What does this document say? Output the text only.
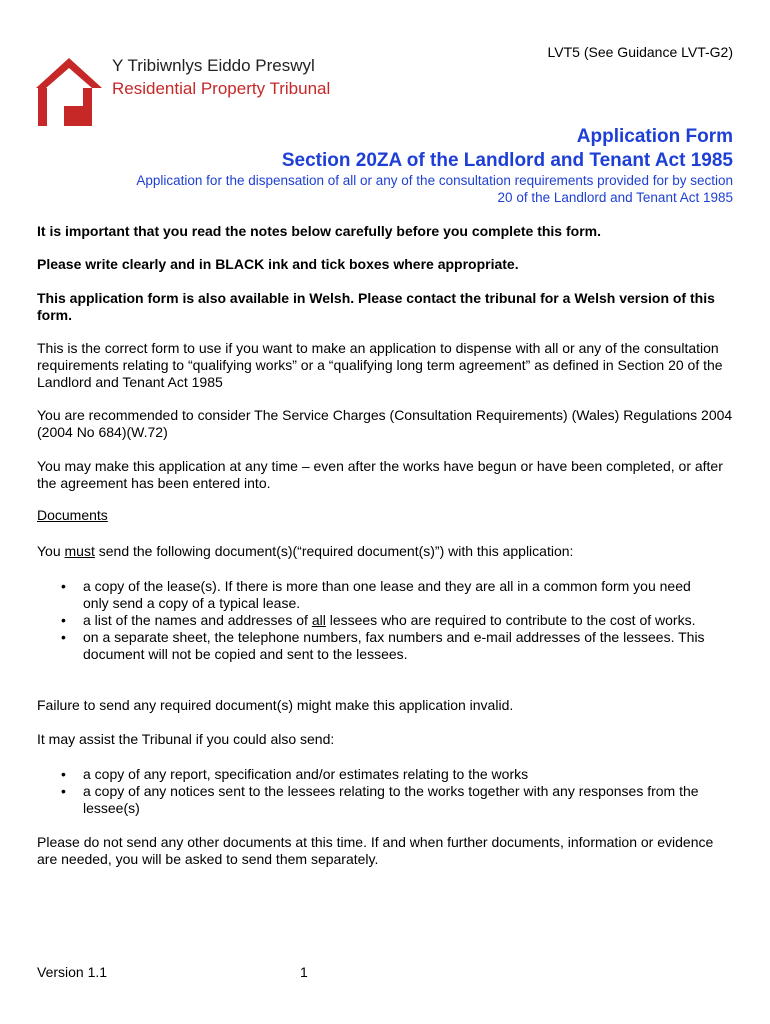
Y Tribiwnlys Eiddo Preswyl
Residential Property Tribunal
LVT5 (See Guidance LVT-G2)
Application Form
Section 20ZA of the Landlord and Tenant Act 1985
Application for the dispensation of all or any of the consultation requirements provided for by section
20 of the Landlord and Tenant Act 1985
It is important that you read the notes below carefully before you complete this form.
Please write clearly and in BLACK ink and tick boxes where appropriate.
This application form is also available in Welsh. Please contact the tribunal for a Welsh version of this form.
This is the correct form to use if you want to make an application to dispense with all or any of the consultation requirements relating to “qualifying works” or a “qualifying long term agreement” as defined in Section 20 of the Landlord and Tenant Act 1985
You are recommended to consider The Service Charges (Consultation Requirements) (Wales) Regulations 2004 (2004 No 684)(W.72)
You may make this application at any time – even after the works have begun or have been completed, or after the agreement has been entered into.
Documents
You must send the following document(s)(“required document(s)”) with this application:
• a copy of the lease(s). If there is more than one lease and they are all in a common form you need only send a copy of a typical lease.
• a list of the names and addresses of all lessees who are required to contribute to the cost of works.
• on a separate sheet, the telephone numbers, fax numbers and e-mail addresses of the lessees. This document will not be copied and sent to the lessees.
Failure to send any required document(s) might make this application invalid.
It may assist the Tribunal if you could also send:
• a copy of any report, specification and/or estimates relating to the works
• a copy of any notices sent to the lessees relating to the works together with any responses from the lessee(s)
Please do not send any other documents at this time. If and when further documents, information or evidence are needed, you will be asked to send them separately.
Version 1.1	1
